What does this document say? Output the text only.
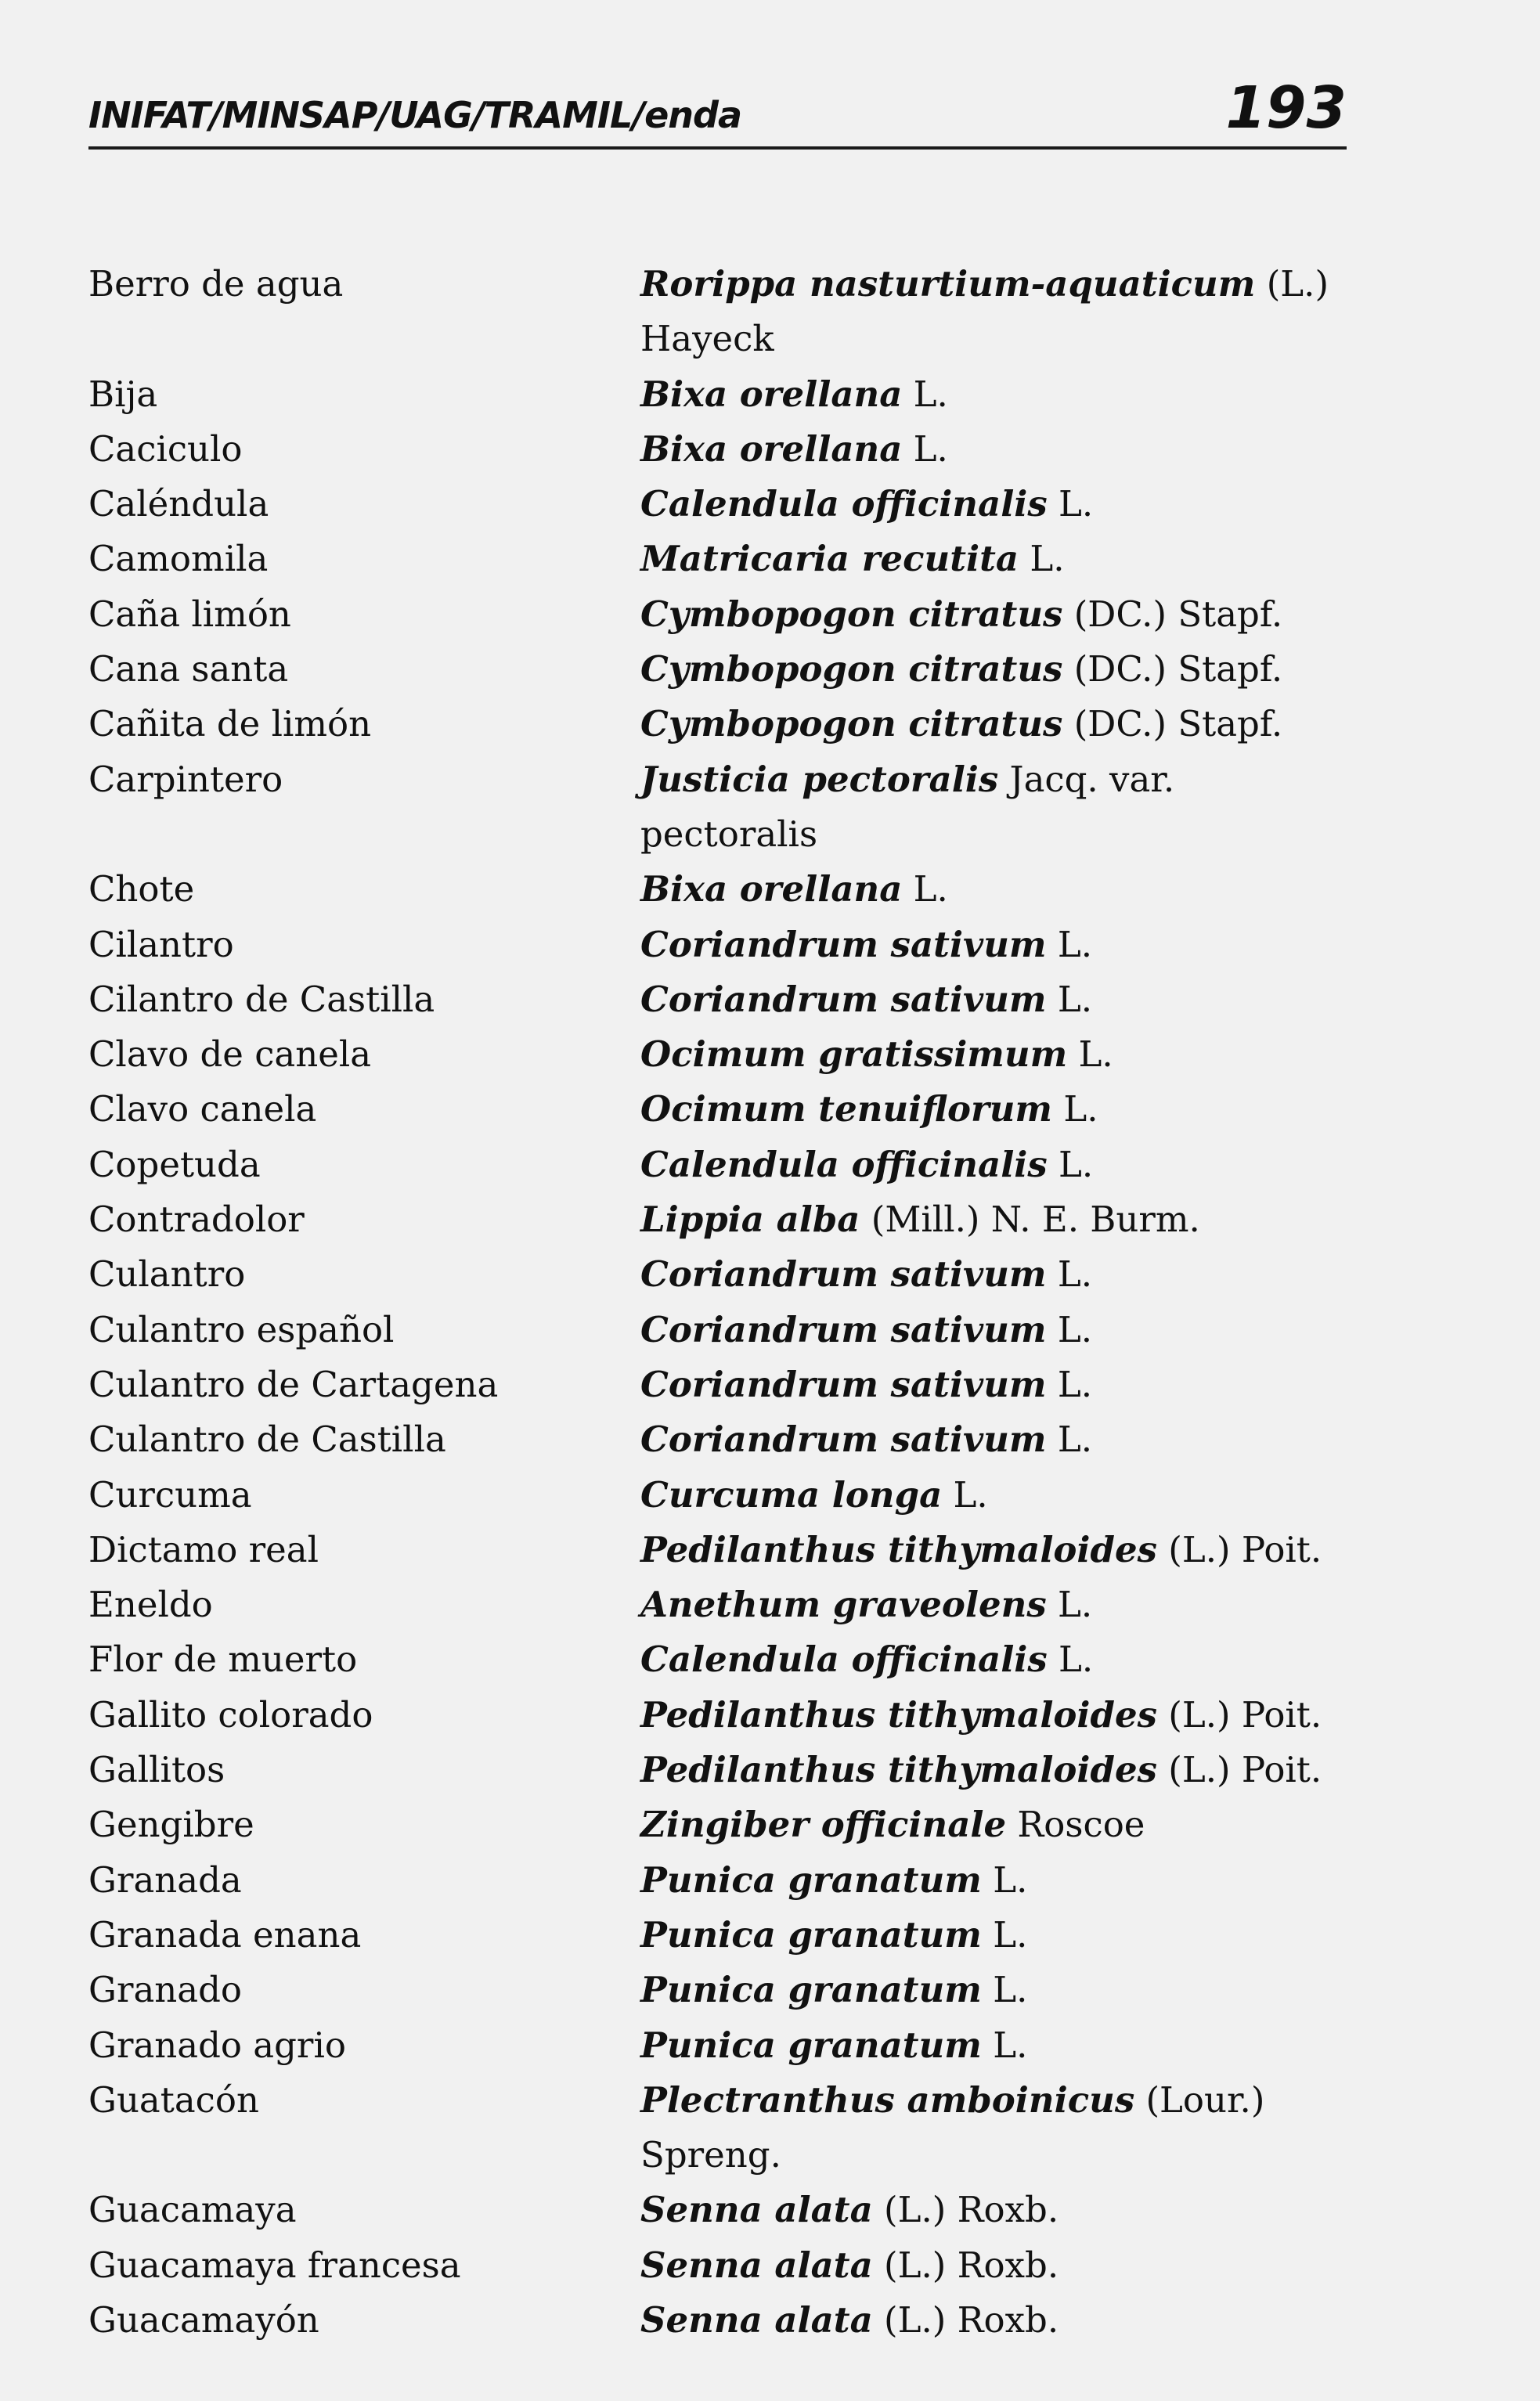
INIFAT/MINSAP/UAG/TRAMIL/enda	193
Berro de agua	Rorippa nasturtium-aquaticum (L.) Hayeck
Bija	Bixa orellana L.
Caciculo	Bixa orellana L.
Caléndula	Calendula officinalis L.
Camomila	Matricaria recutita L.
Caña limón	Cymbopogon citratus (DC.) Stapf.
Cana santa	Cymbopogon citratus (DC.) Stapf.
Cañita de limón	Cymbopogon citratus (DC.) Stapf.
Carpintero	Justicia pectoralis Jacq. var. pectoralis
Chote	Bixa orellana L.
Cilantro	Coriandrum sativum L.
Cilantro de Castilla	Coriandrum sativum L.
Clavo de canela	Ocimum gratissimum L.
Clavo canela	Ocimum tenuiflorum L.
Copetuda	Calendula officinalis L.
Contradolor	Lippia alba (Mill.) N. E. Burm.
Culantro	Coriandrum sativum L.
Culantro español	Coriandrum sativum L.
Culantro de Cartagena	Coriandrum sativum L.
Culantro de Castilla	Coriandrum sativum L.
Curcuma	Curcuma longa L.
Dictamo real	Pedilanthus tithymaloides (L.) Poit.
Eneldo	Anethum graveolens L.
Flor de muerto	Calendula officinalis L.
Gallito colorado	Pedilanthus tithymaloides (L.) Poit.
Gallitos	Pedilanthus tithymaloides (L.) Poit.
Gengibre	Zingiber officinale Roscoe
Granada	Punica granatum L.
Granada enana	Punica granatum L.
Granado	Punica granatum L.
Granado agrio	Punica granatum L.
Guatacón	Plectranthus amboinicus (Lour.) Spreng.
Guacamaya	Senna alata (L.) Roxb.
Guacamaya francesa	Senna alata (L.) Roxb.
Guacamayón	Senna alata (L.) Roxb.
